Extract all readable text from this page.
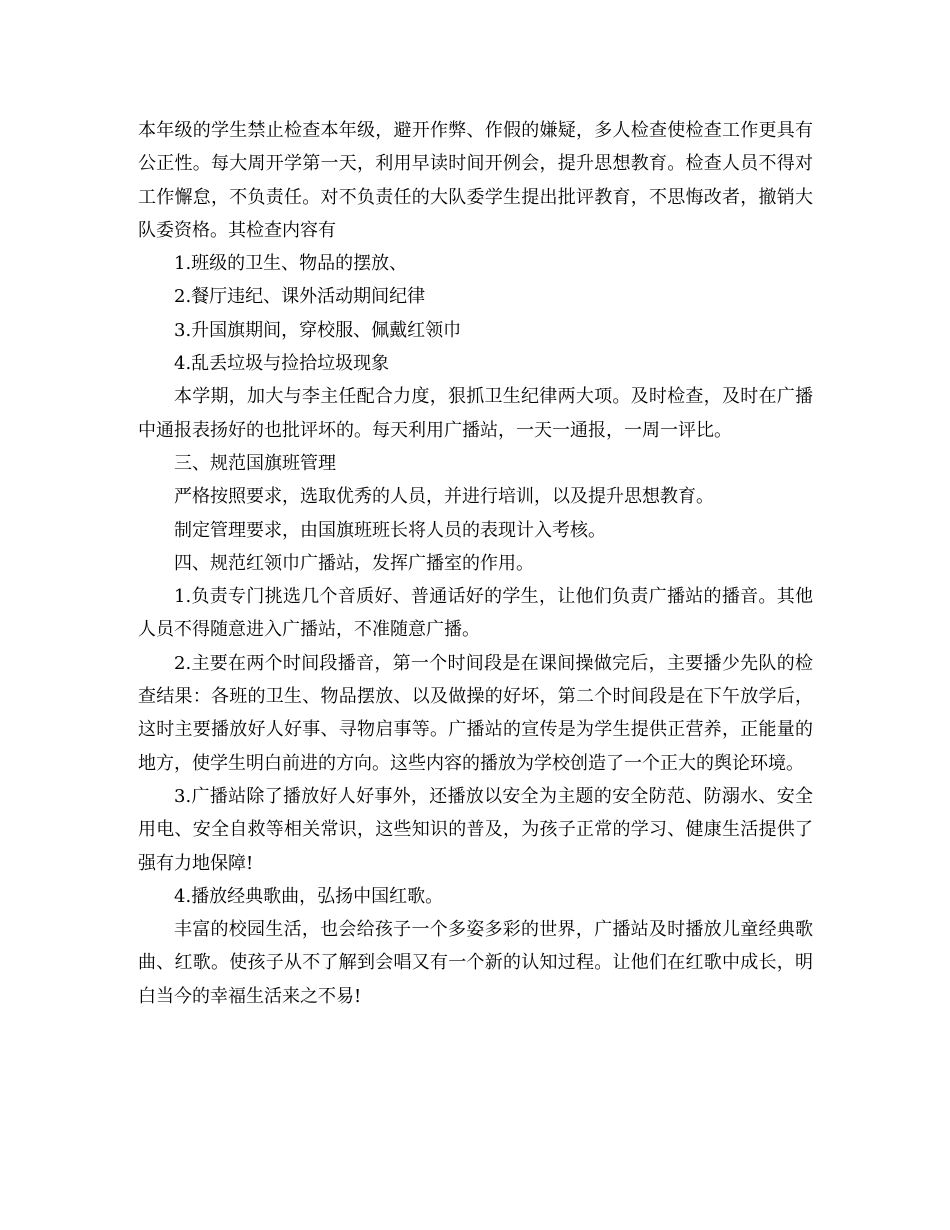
本年级的学生禁止检查本年级，避开作弊、作假的嫌疑，多人检查使检查工作更具有公正性。每大周开学第一天，利用早读时间开例会，提升思想教育。检查人员不得对工作懈怠，不负责任。对不负责任的大队委学生提出批评教育，不思悔改者，撤销大队委资格。其检查内容有

1.班级的卫生、物品的摆放、

2.餐厅违纪、课外活动期间纪律

3.升国旗期间，穿校服、佩戴红领巾

4.乱丢垃圾与捡拾垃圾现象

本学期，加大与李主任配合力度，狠抓卫生纪律两大项。及时检查，及时在广播中通报表扬好的也批评坏的。每天利用广播站，一天一通报，一周一评比。

三、规范国旗班管理

严格按照要求，选取优秀的人员，并进行培训，以及提升思想教育。

制定管理要求，由国旗班班长将人员的表现计入考核。

四、规范红领巾广播站，发挥广播室的作用。

1.负责专门挑选几个音质好、普通话好的学生，让他们负责广播站的播音。其他人员不得随意进入广播站，不准随意广播。

2.主要在两个时间段播音，第一个时间段是在课间操做完后，主要播少先队的检查结果：各班的卫生、物品摆放、以及做操的好坏，第二个时间段是在下午放学后，这时主要播放好人好事、寻物启事等。广播站的宣传是为学生提供正营养，正能量的地方，使学生明白前进的方向。这些内容的播放为学校创造了一个正大的舆论环境。

3.广播站除了播放好人好事外，还播放以安全为主题的安全防范、防溺水、安全用电、安全自救等相关常识，这些知识的普及，为孩子正常的学习、健康生活提供了强有力地保障!

4.播放经典歌曲，弘扬中国红歌。

丰富的校园生活，也会给孩子一个多姿多彩的世界，广播站及时播放儿童经典歌曲、红歌。使孩子从不了解到会唱又有一个新的认知过程。让他们在红歌中成长，明白当今的幸福生活来之不易!
